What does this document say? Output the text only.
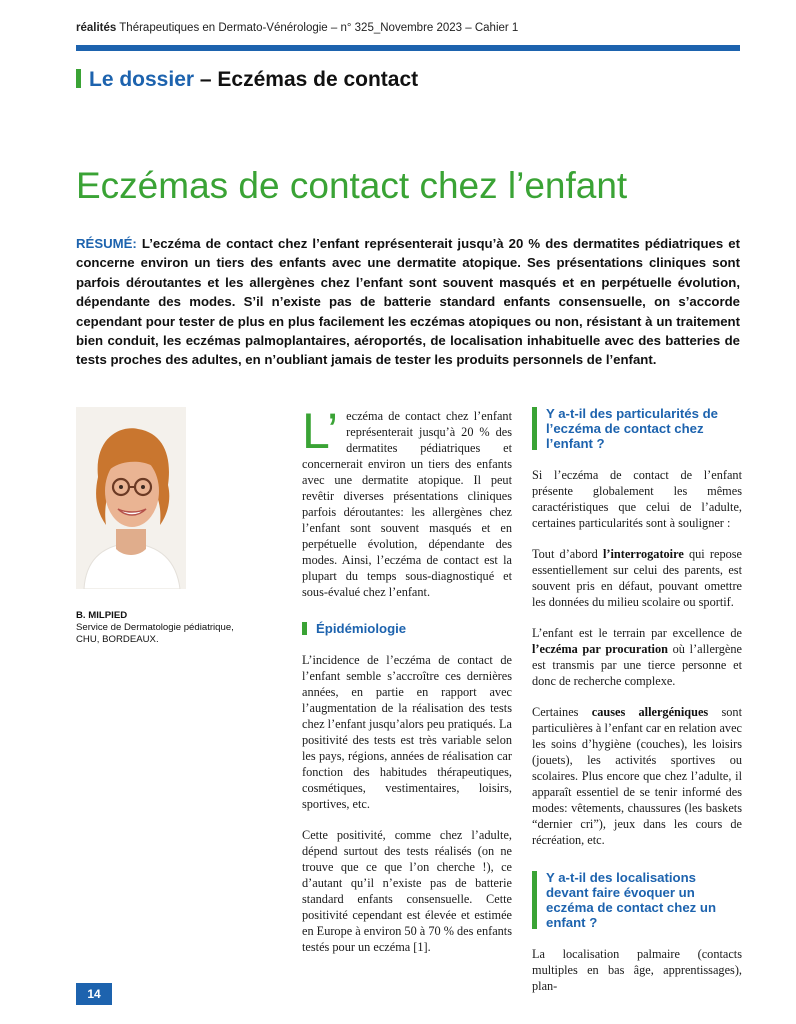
réalités Thérapeutiques en Dermato-Vénérologie – n° 325_Novembre 2023 – Cahier 1
Le dossier – Eczémas de contact
Eczémas de contact chez l’enfant
RÉSUMÉ: L’eczéma de contact chez l’enfant représenterait jusqu’à 20 % des dermatites pédiatriques et concerne environ un tiers des enfants avec une dermatite atopique. Ses présentations cliniques sont parfois déroutantes et les allergènes chez l’enfant sont souvent masqués et en perpétuelle évolution, dépendante des modes. S’il n’existe pas de batterie standard enfants consensuelle, on s’accorde cependant pour tester de plus en plus facilement les eczémas atopiques ou non, résistant à un traitement bien conduit, les eczémas palmoplantaires, aéroportés, de localisation inhabituelle avec des batteries de tests proches des adultes, en n’oubliant jamais de tester les produits personnels de l’enfant.
B. MILPIED
Service de Dermatologie pédiatrique,
CHU, BORDEAUX.

L’ eczéma de contact chez l’enfant représenterait jusqu’à 20 % des dermatites pédiatriques et concernerait environ un tiers des enfants avec une dermatite atopique. Il peut revêtir diverses présentations cliniques parfois déroutantes: les allergènes chez l’enfant sont souvent masqués et en perpétuelle évolution, dépendante des modes. Ainsi, l’eczéma de contact est la plupart du temps sous-diagnostiqué et sous-évalué chez l’enfant.

Épidémiologie

L’incidence de l’eczéma de contact de l’enfant semble s’accroître ces dernières années, en partie en rapport avec l’augmentation de la réalisation des tests chez l’enfant jusqu’alors peu pratiqués. La positivité des tests est très variable selon les pays, régions, années de réalisation car fonction des habitudes thérapeutiques, cosmétiques, vestimentaires, loisirs, sportives, etc.

Cette positivité, comme chez l’adulte, dépend surtout des tests réalisés (on ne trouve que ce que l’on cherche !), ce d’autant qu’il n’existe pas de batterie standard enfants consensuelle. Cette positivité cependant est élevée et estimée en Europe à environ 50 à 70 % des enfants testés pour un eczéma [1].

Y a-t-il des particularités de l’eczéma de contact chez l’enfant ?

Si l’eczéma de contact de l’enfant présente globalement les mêmes caractéristiques que celui de l’adulte, certaines particularités sont à souligner :

Tout d’abord l’interrogatoire qui repose essentiellement sur celui des parents, est souvent pris en défaut, pouvant omettre les données du milieu scolaire ou sportif.

L’enfant est le terrain par excellence de l’eczéma par procuration où l’allergène est transmis par une tierce personne et donc de recherche complexe.

Certaines causes allergéniques sont particulières à l’enfant car en relation avec les soins d’hygiène (couches), les loisirs (jouets), les activités sportives ou scolaires. Plus encore que chez l’adulte, il apparaît essentiel de se tenir informé des modes: vêtements, chaussures (les baskets “dernier cri”), jeux dans les cours de récréation, etc.

Y a-t-il des localisations devant faire évoquer un eczéma de contact chez un enfant ?

La localisation palmaire (contacts multiples en bas âge, apprentissages), plan-

14
